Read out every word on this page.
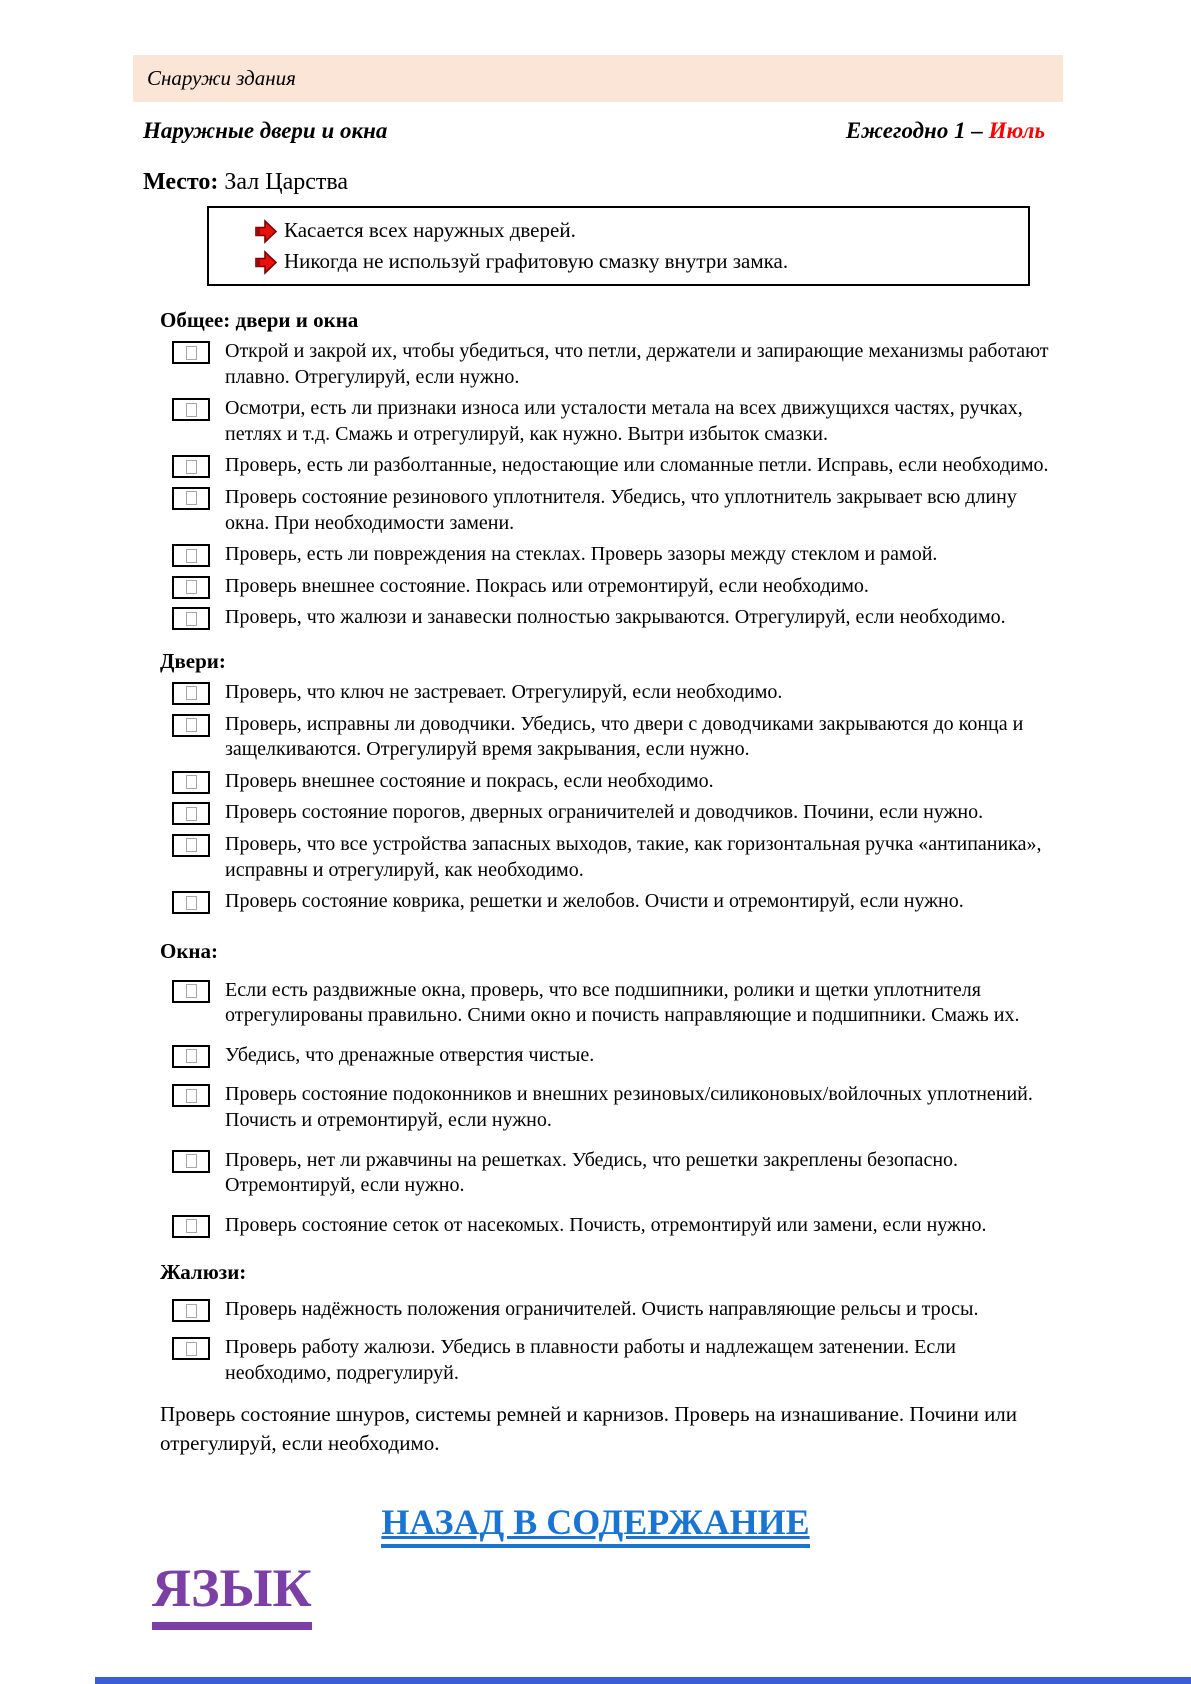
Снаружи здания
Наружные двери и окна	Ежегодно 1 – Июль
Место: Зал Царства
Касается всех наружных дверей.
Никогда не используй графитовую смазку внутри замка.
Общее: двери и окна
Открой и закрой их, чтобы убедиться, что петли, держатели и запирающие механизмы работают плавно. Отрегулируй, если нужно.
Осмотри, есть ли признаки износа или усталости метала на всех движущихся частях, ручках, петлях и т.д. Смажь и отрегулируй, как нужно. Вытри избыток смазки.
Проверь, есть ли разболтанные, недостающие или сломанные петли. Исправь, если необходимо.
Проверь состояние резинового уплотнителя. Убедись, что уплотнитель закрывает всю длину окна. При необходимости замени.
Проверь, есть ли повреждения на стеклах. Проверь зазоры между стеклом и рамой.
Проверь внешнее состояние. Покрась или отремонтируй, если необходимо.
Проверь, что жалюзи и занавески полностью закрываются. Отрегулируй, если необходимо.
Двери:
Проверь, что ключ не застревает. Отрегулируй, если необходимо.
Проверь, исправны ли доводчики. Убедись, что двери с доводчиками закрываются до конца и защелкиваются. Отрегулируй время закрывания, если нужно.
Проверь внешнее состояние и покрась, если необходимо.
Проверь состояние порогов, дверных ограничителей и доводчиков. Почини, если нужно.
Проверь, что все устройства запасных выходов, такие, как горизонтальная ручка «антипаника», исправны и отрегулируй, как необходимо.
Проверь состояние коврика, решетки и желобов. Очисти и отремонтируй, если нужно.
Окна:
Если есть раздвижные окна, проверь, что все подшипники, ролики и щетки уплотнителя отрегулированы правильно. Сними окно и почисть направляющие и подшипники. Смажь их.
Убедись, что дренажные отверстия чистые.
Проверь состояние подоконников и внешних резиновых/силиконовых/войлочных уплотнений. Почисть и отремонтируй, если нужно.
Проверь, нет ли ржавчины на решетках. Убедись, что решетки закреплены безопасно. Отремонтируй, если нужно.
Проверь состояние сеток от насекомых. Почисть, отремонтируй или замени, если нужно.
Жалюзи:
Проверь надёжность положения ограничителей. Очисть направляющие рельсы и тросы.
Проверь работу жалюзи. Убедись в плавности работы и надлежащем затенении. Если необходимо, подрегулируй.
Проверь состояние шнуров, системы ремней и карнизов. Проверь на изнашивание. Почини или отрегулируй, если необходимо.
НАЗАД В СОДЕРЖАНИЕ
ЯЗЫК
